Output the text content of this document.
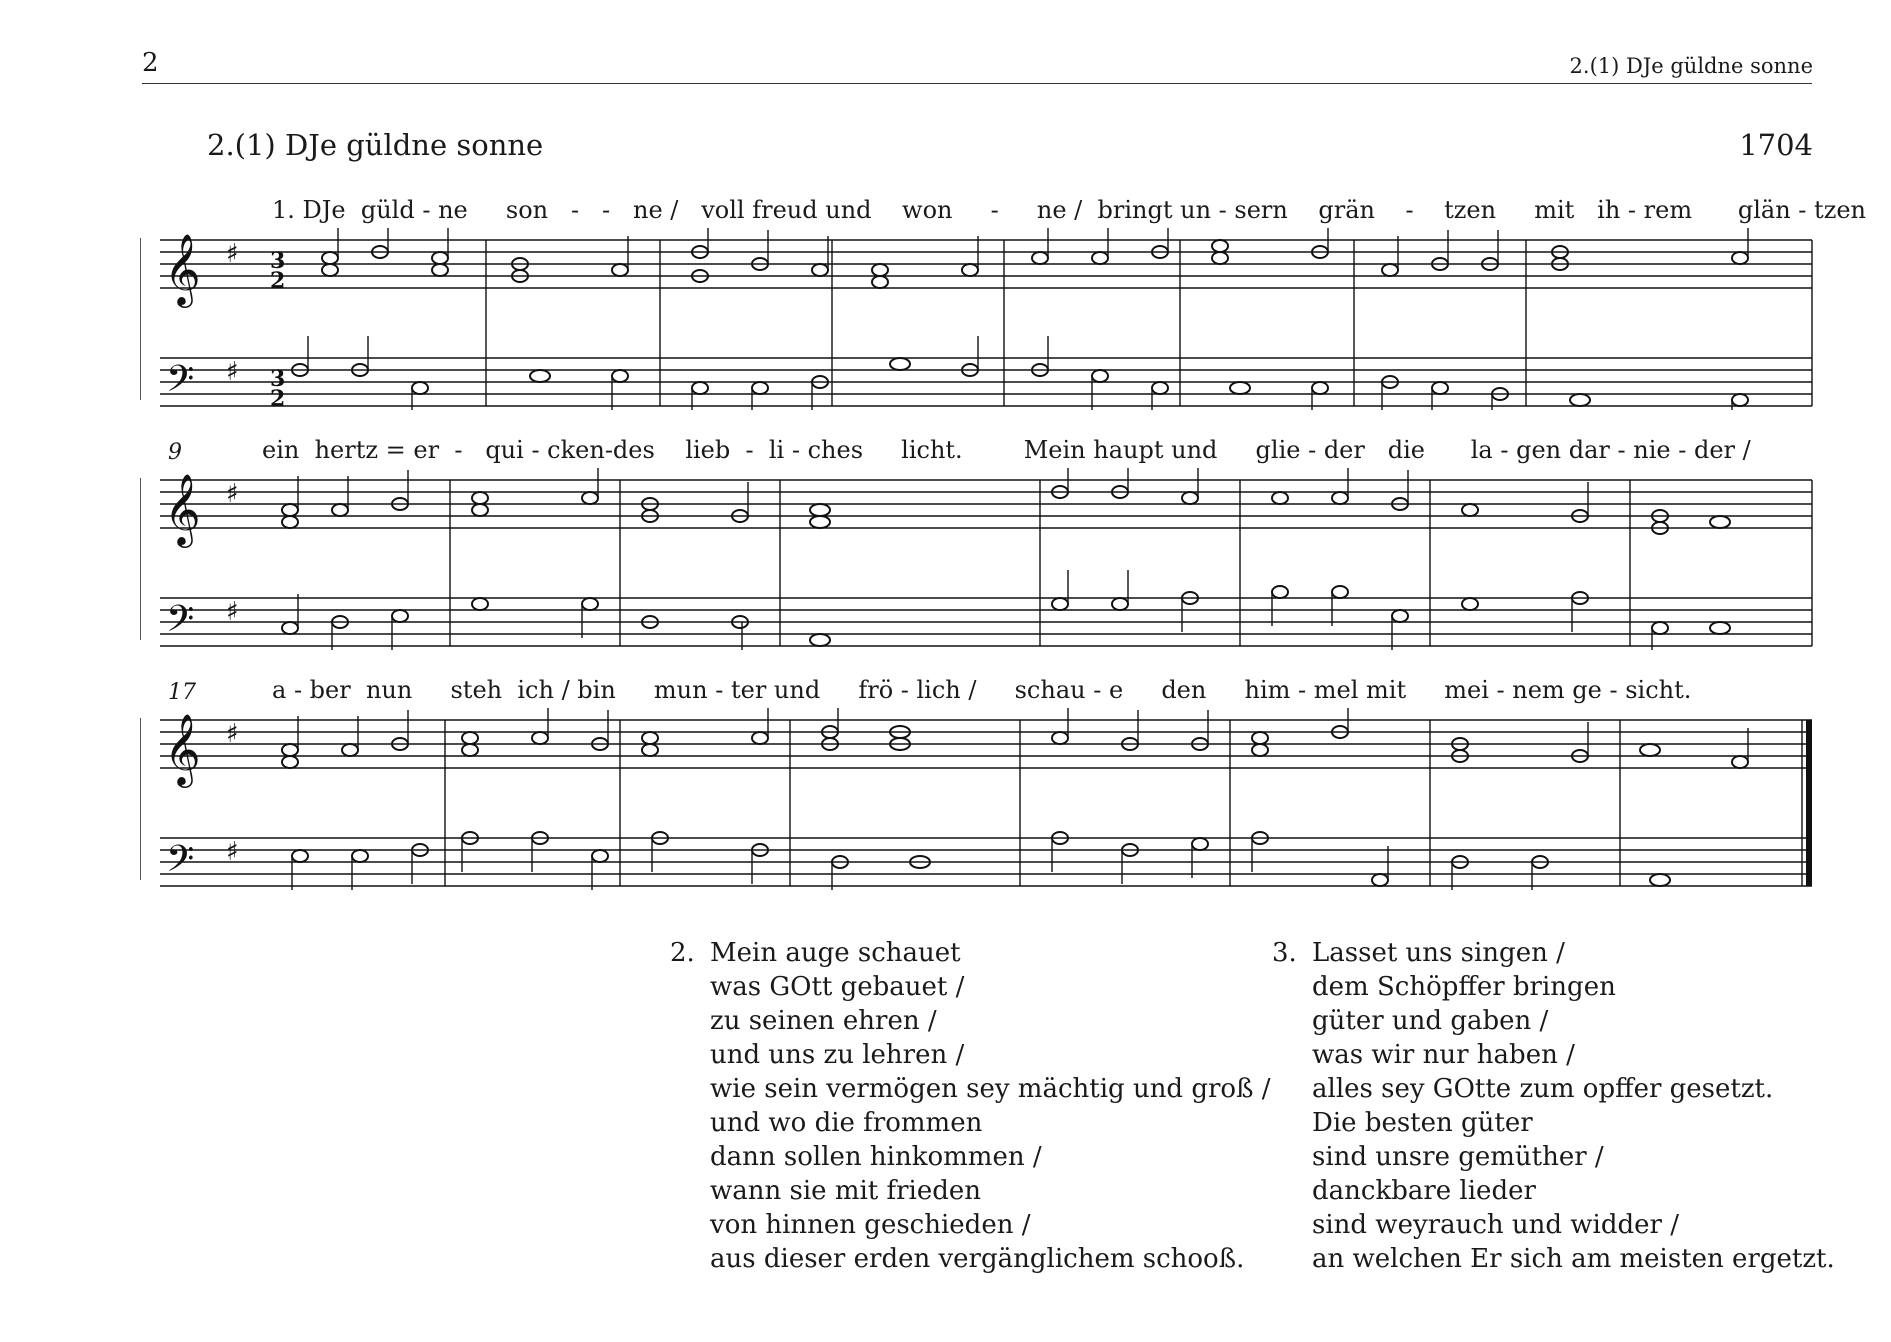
2	2.(1) DJe güldne sonne
2.(1) DJe güldne sonne	1704
1. DJe  güld - ne     son   -   -   ne /   voll freud und    won     -     ne /  bringt un - sern    grän    -    tzen     mit   ih - rem      glän - tzen
𝄞
𝄢
♯
♯
3
2
3
2
9	ein  hertz = er  -   qui - cken-des    lieb  -  li - ches     licht.        Mein haupt und     glie - der   die      la - gen dar - nie - der /
𝄞
𝄢
♯
♯
17	a - ber  nun     steh  ich / bin     mun - ter und     frö - lich /     schau - e     den     him - mel mit     mei - nem ge - sicht.
𝄞
𝄢
♯
♯
2. Mein auge schauet
was GOtt gebauet /
zu seinen ehren /
und uns zu lehren /
wie sein vermögen sey mächtig und groß /
und wo die frommen
dann sollen hinkommen /
wann sie mit frieden
von hinnen geschieden /
aus dieser erden vergänglichem schooß.
3. Lasset uns singen /
dem Schöpffer bringen
güter und gaben /
was wir nur haben /
alles sey GOtte zum opffer gesetzt.
Die besten güter
sind unsre gemüther /
danckbare lieder
sind weyrauch und widder /
an welchen Er sich am meisten ergetzt.
